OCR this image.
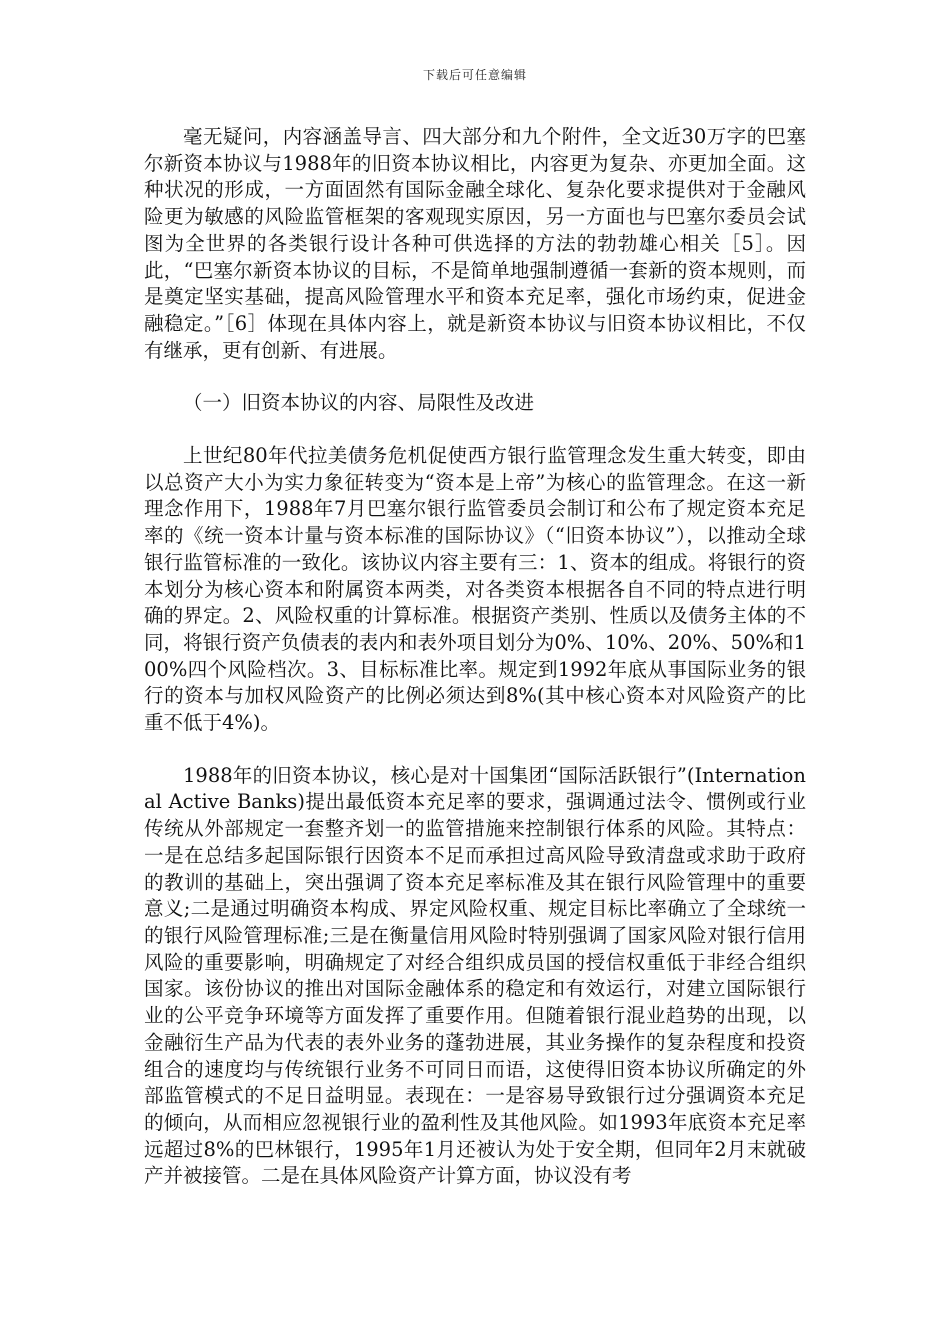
下载后可任意编辑

毫无疑问，内容涵盖导言、四大部分和九个附件，全文近30万字的巴塞尔新资本协议与1988年的旧资本协议相比，内容更为复杂、亦更加全面。这种状况的形成，一方面固然有国际金融全球化、复杂化要求提供对于金融风险更为敏感的风险监管框架的客观现实原因，另一方面也与巴塞尔委员会试图为全世界的各类银行设计各种可供选择的方法的勃勃雄心相关［5］。因此，“巴塞尔新资本协议的目标，不是简单地强制遵循一套新的资本规则，而是奠定坚实基础，提高风险管理水平和资本充足率，强化市场约束，促进金融稳定。”［6］体现在具体内容上，就是新资本协议与旧资本协议相比，不仅有继承，更有创新、有进展。

（一）旧资本协议的内容、局限性及改进

上世纪80年代拉美债务危机促使西方银行监管理念发生重大转变，即由以总资产大小为实力象征转变为“资本是上帝”为核心的监管理念。在这一新理念作用下，1988年7月巴塞尔银行监管委员会制订和公布了规定资本充足率的《统一资本计量与资本标准的国际协议》（“旧资本协议”），以推动全球银行监管标准的一致化。该协议内容主要有三：1、资本的组成。将银行的资本划分为核心资本和附属资本两类，对各类资本根据各自不同的特点进行明确的界定。2、风险权重的计算标准。根据资产类别、性质以及债务主体的不同，将银行资产负债表的表内和表外项目划分为0%、10%、20%、50%和100%四个风险档次。3、目标标准比率。规定到1992年底从事国际业务的银行的资本与加权风险资产的比例必须达到8%(其中核心资本对风险资产的比重不低于4%)。

1988年的旧资本协议，核心是对十国集团“国际活跃银行”(International Active Banks)提出最低资本充足率的要求，强调通过法令、惯例或行业传统从外部规定一套整齐划一的监管措施来控制银行体系的风险。其特点：一是在总结多起国际银行因资本不足而承担过高风险导致清盘或求助于政府的教训的基础上，突出强调了资本充足率标准及其在银行风险管理中的重要意义;二是通过明确资本构成、界定风险权重、规定目标比率确立了全球统一的银行风险管理标准;三是在衡量信用风险时特别强调了国家风险对银行信用风险的重要影响，明确规定了对经合组织成员国的授信权重低于非经合组织国家。该份协议的推出对国际金融体系的稳定和有效运行，对建立国际银行业的公平竞争环境等方面发挥了重要作用。但随着银行混业趋势的出现，以金融衍生产品为代表的表外业务的蓬勃进展，其业务操作的复杂程度和投资组合的速度均与传统银行业务不可同日而语，这使得旧资本协议所确定的外部监管模式的不足日益明显。表现在：一是容易导致银行过分强调资本充足的倾向，从而相应忽视银行业的盈利性及其他风险。如1993年底资本充足率远超过8%的巴林银行，1995年1月还被认为处于安全期，但同年2月末就破产并被接管。二是在具体风险资产计算方面，协议没有考
